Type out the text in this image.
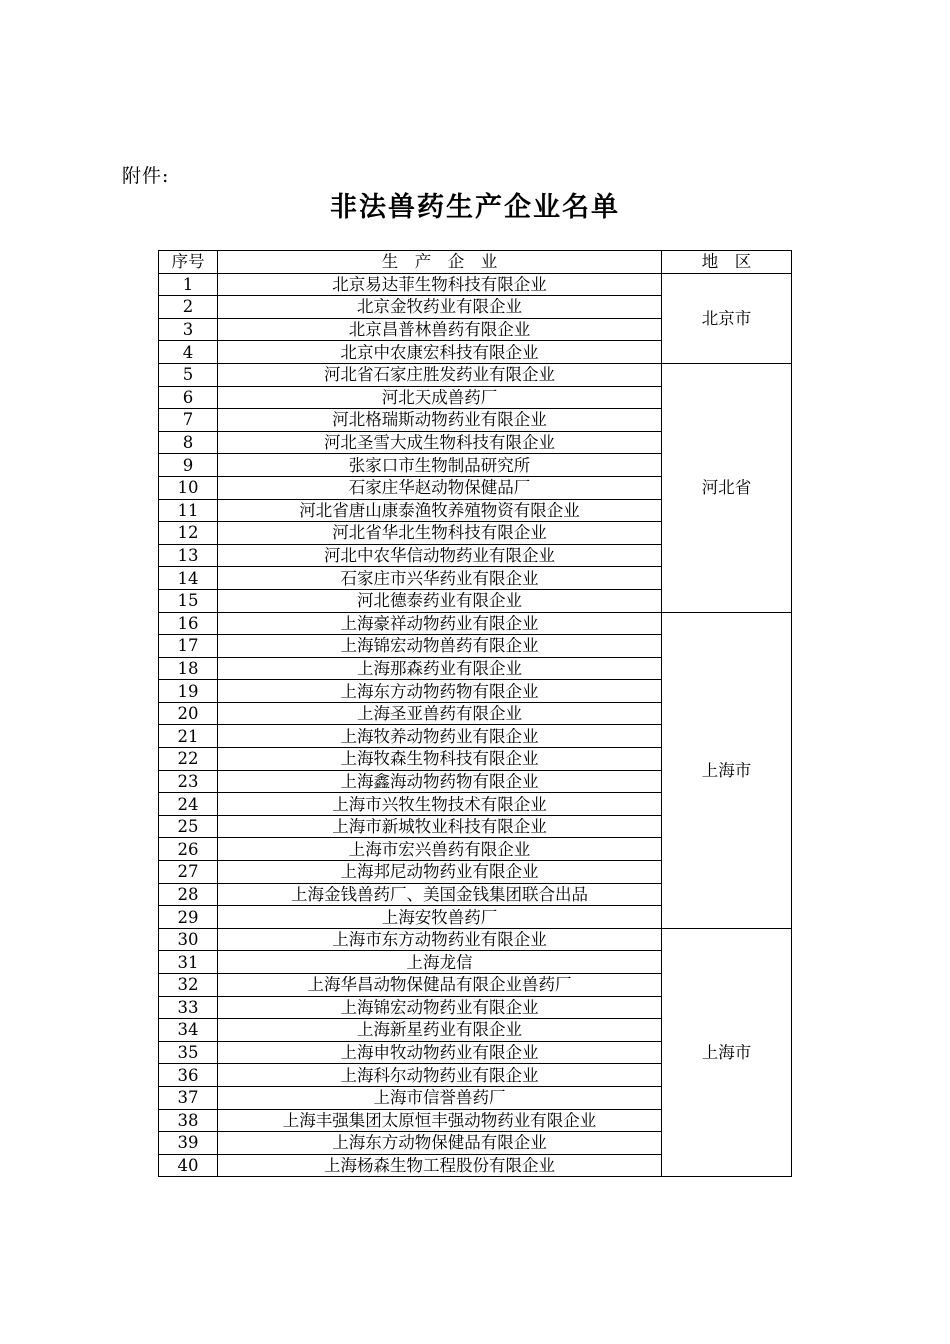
附件:
非法兽药生产企业名单
序号	生　产　企　业	地　区
1	北京易达菲生物科技有限企业	北京市
2	北京金牧药业有限企业	
3	北京昌普林兽药有限企业	
4	北京中农康宏科技有限企业	
5	河北省石家庄胜发药业有限企业	河北省
6	河北天成兽药厂	
7	河北格瑞斯动物药业有限企业	
8	河北圣雪大成生物科技有限企业	
9	张家口市生物制品研究所	
10	石家庄华赵动物保健品厂	
11	河北省唐山康泰渔牧养殖物资有限企业	
12	河北省华北生物科技有限企业	
13	河北中农华信动物药业有限企业	
14	石家庄市兴华药业有限企业	
15	河北德泰药业有限企业	
16	上海豪祥动物药业有限企业	上海市
17	上海锦宏动物兽药有限企业	
18	上海那森药业有限企业	
19	上海东方动物药物有限企业	
20	上海圣亚兽药有限企业	
21	上海牧养动物药业有限企业	
22	上海牧森生物科技有限企业	
23	上海鑫海动物药物有限企业	
24	上海市兴牧生物技术有限企业	
25	上海市新城牧业科技有限企业	
26	上海市宏兴兽药有限企业	
27	上海邦尼动物药业有限企业	
28	上海金钱兽药厂、美国金钱集团联合出品	
29	上海安牧兽药厂	
30	上海市东方动物药业有限企业	上海市
31	上海龙信	
32	上海华昌动物保健品有限企业兽药厂	
33	上海锦宏动物药业有限企业	
34	上海新星药业有限企业	
35	上海申牧动物药业有限企业	
36	上海科尔动物药业有限企业	
37	上海市信誉兽药厂	
38	上海丰强集团太原恒丰强动物药业有限企业	
39	上海东方动物保健品有限企业	
40	上海杨森生物工程股份有限企业	
